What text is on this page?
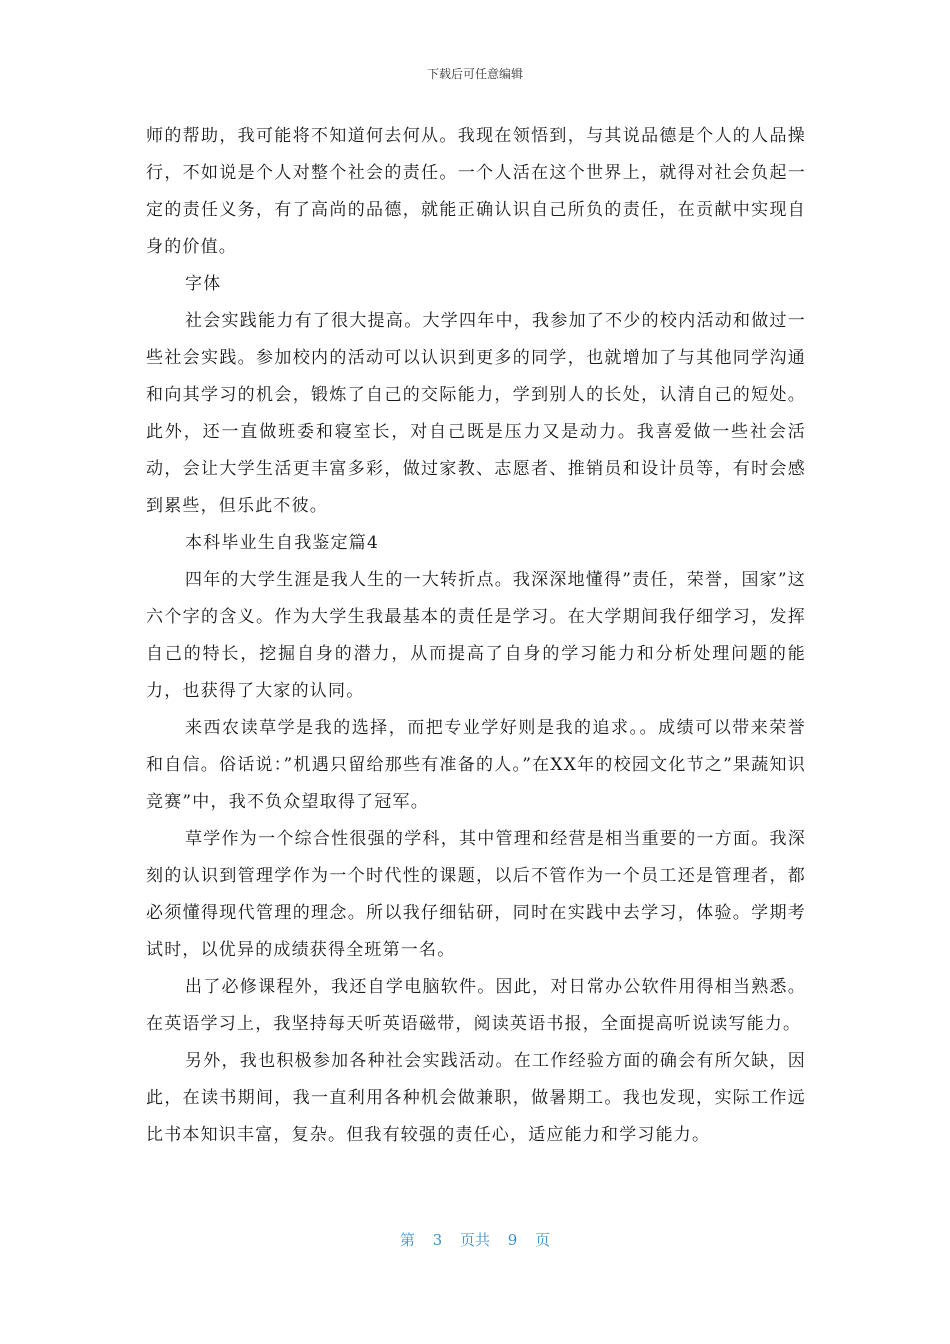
下载后可任意编辑

师的帮助，我可能将不知道何去何从。我现在领悟到，与其说品德是个人的人品操行，不如说是个人对整个社会的责任。一个人活在这个世界上，就得对社会负起一定的责任义务，有了高尚的品德，就能正确认识自己所负的责任，在贡献中实现自身的价值。

字体

社会实践能力有了很大提高。大学四年中，我参加了不少的校内活动和做过一些社会实践。参加校内的活动可以认识到更多的同学，也就增加了与其他同学沟通和向其学习的机会，锻炼了自己的交际能力，学到别人的长处，认清自己的短处。此外，还一直做班委和寝室长，对自己既是压力又是动力。我喜爱做一些社会活动，会让大学生活更丰富多彩，做过家教、志愿者、推销员和设计员等，有时会感到累些，但乐此不彼。

本科毕业生自我鉴定篇4

四年的大学生涯是我人生的一大转折点。我深深地懂得”责任，荣誉，国家”这六个字的含义。作为大学生我最基本的责任是学习。在大学期间我仔细学习，发挥自己的特长，挖掘自身的潜力，从而提高了自身的学习能力和分析处理问题的能力，也获得了大家的认同。

来西农读草学是我的选择，而把专业学好则是我的追求。。成绩可以带来荣誉和自信。俗话说：”机遇只留给那些有准备的人。”在XX年的校园文化节之”果蔬知识竞赛”中，我不负众望取得了冠军。

草学作为一个综合性很强的学科，其中管理和经营是相当重要的一方面。我深刻的认识到管理学作为一个时代性的课题，以后不管作为一个员工还是管理者，都必须懂得现代管理的理念。所以我仔细钻研，同时在实践中去学习，体验。学期考试时，以优异的成绩获得全班第一名。

出了必修课程外，我还自学电脑软件。因此，对日常办公软件用得相当熟悉。在英语学习上，我坚持每天听英语磁带，阅读英语书报，全面提高听说读写能力。

另外，我也积极参加各种社会实践活动。在工作经验方面的确会有所欠缺，因此，在读书期间，我一直利用各种机会做兼职，做暑期工。我也发现，实际工作远比书本知识丰富，复杂。但我有较强的责任心，适应能力和学习能力。

第 3 页共 9 页
